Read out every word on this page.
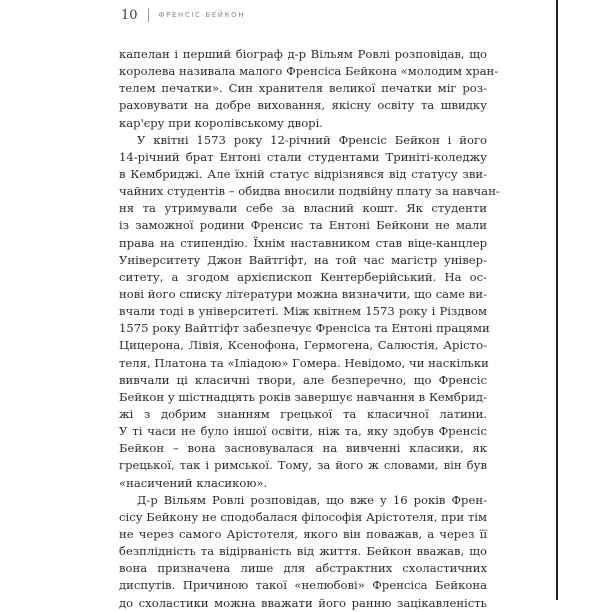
10	ФРЕНСІС БЕЙКОН
капелан і перший біограф д-р Вільям Ровлі розповідав, що
королева називала малого Френсіса Бейкона «молодим хран-
телем печатки». Син хранителя великої печатки міг роз-
раховувати на добре виховання, якісну освіту та швидку
кар'єру при королівському дворі.
У квітні 1573 року 12-річний Френсіс Бейкон і його
14-річний брат Ентоні стали студентами Триніті-коледжу
в Кембриджі. Але їхній статус відрізнявся від статусу зви-
чайних студентів – обидва вносили подвійну плату за навчан-
ня та утримували себе за власний кошт. Як студенти
із заможної родини Френсис та Ентоні Бейкони не мали
права на стипендію. Їхнім наставником став віце-канцлер
Університету Джон Вайтгіфт, на той час магістр універ-
ситету, а згодом архієпископ Кентерберійський. На ос-
нові його списку літератури можна визначити, що саме ви-
вчали тоді в університеті. Між квітнем 1573 року і Різдвом
1575 року Вайтгіфт забезпечує Френсіса та Ентоні працями
Цицерона, Лівія, Ксенофона, Гермогена, Салюстія, Арісто-
теля, Платона та «Іліадою» Гомера. Невідомо, чи наскільки
вивчали ці класичні твори, але безперечно, що Френсіс
Бейкон у шістнадцять років завершує навчання в Кембрид-
жі з добрим знанням грецької та класичної латини.
У ті часи не було іншої освіти, ніж та, яку здобув Френсіс
Бейкон – вона засновувалася на вивченні класики, як
грецької, так і римської. Тому, за його ж словами, він був
«насичений класикою».
Д-р Вільям Ровлі розповідав, що вже у 16 років Френ-
сісу Бейкону не сподобалася філософія Арістотеля, при тім
не через самого Арістотеля, якого він поважав, а через її
безплідність та відірваність від життя. Бейкон вважав, що
вона призначена лише для абстрактних схоластичних
диспутів. Причиною такої «нелюбові» Френсіса Бейкона
до схоластики можна вважати його ранню зацікавленість
